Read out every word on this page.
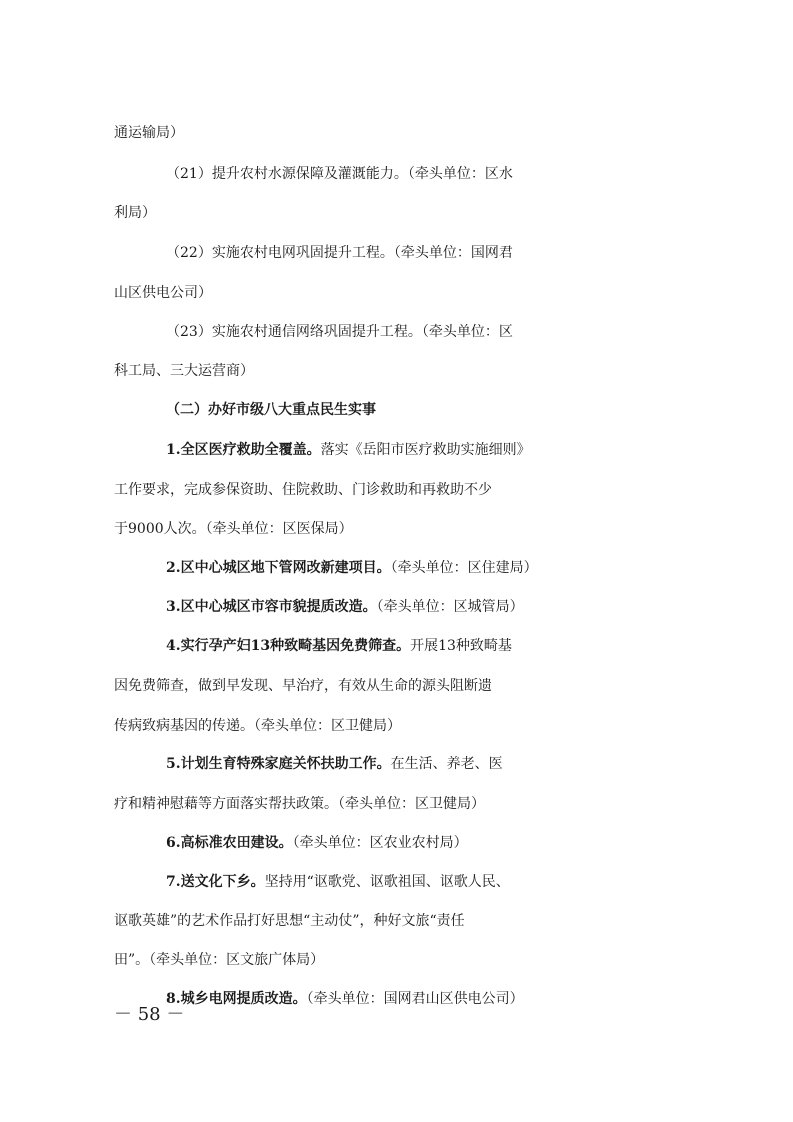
通运输局）
（21）提升农村水源保障及灌溉能力。（牵头单位：区水
利局）
（22）实施农村电网巩固提升工程。（牵头单位：国网君
山区供电公司）
（23）实施农村通信网络巩固提升工程。（牵头单位：区
科工局、三大运营商）
（二）办好市级八大重点民生实事
1.全区医疗救助全覆盖。落实《岳阳市医疗救助实施细则》
工作要求，完成参保资助、住院救助、门诊救助和再救助不少
于9000人次。（牵头单位：区医保局）
2.区中心城区地下管网改新建项目。（牵头单位：区住建局）
3.区中心城区市容市貌提质改造。（牵头单位：区城管局）
4.实行孕产妇13种致畸基因免费筛查。开展13种致畸基
因免费筛查，做到早发现、早治疗，有效从生命的源头阻断遗
传病致病基因的传递。（牵头单位：区卫健局）
5.计划生育特殊家庭关怀扶助工作。在生活、养老、医
疗和精神慰藉等方面落实帮扶政策。（牵头单位：区卫健局）
6.高标准农田建设。（牵头单位：区农业农村局）
7.送文化下乡。坚持用“讴歌党、讴歌祖国、讴歌人民、
讴歌英雄”的艺术作品打好思想“主动仗”，种好文旅“责任
田”。（牵头单位：区文旅广体局）
8.城乡电网提质改造。（牵头单位：国网君山区供电公司）
－ 58 －
